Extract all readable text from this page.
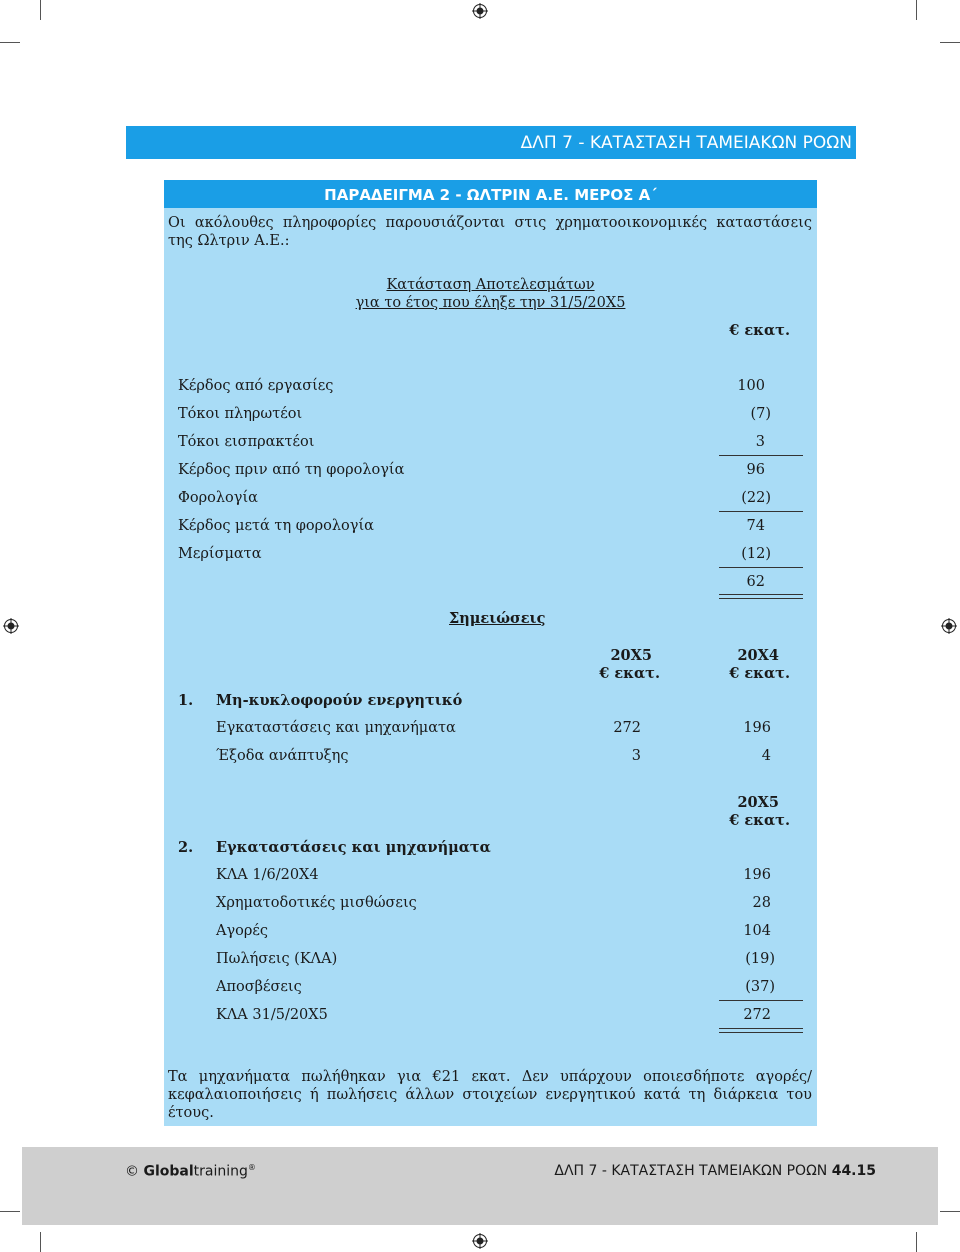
ΔΛΠ 7 - ΚΑΤΑΣΤΑΣΗ ΤΑΜΕΙΑΚΩΝ ΡΟΩΝ
ΠΑΡΑΔΕΙΓΜΑ 2 - ΩΛΤΡΙΝ Α.Ε. ΜΕΡΟΣ Α΄
Οι ακόλουθες πληροφορίες παρουσιάζονται στις χρηματοοικονομικές καταστάσεις της Ωλτριν Α.Ε.:
Κατάσταση Αποτελεσμάτων
για το έτος που έληξε την 31/5/20Χ5
€ εκατ.
Κέρδος από εργασίες	100
Τόκοι πληρωτέοι	(7)
Τόκοι εισπρακτέοι	3
Κέρδος πριν από τη φορολογία	96
Φορολογία	(22)
Κέρδος μετά τη φορολογία	74
Μερίσματα	(12)
62
Σημειώσεις
20Χ5
€ εκατ.
20Χ4
€ εκατ.
1. Μη-κυκλοφορούν ενεργητικό
Εγκαταστάσεις και μηχανήματα	272	196
Έξοδα ανάπτυξης	3	4
20Χ5
€ εκατ.
2. Εγκαταστάσεις και μηχανήματα
ΚΛΑ 1/6/20Χ4	196
Χρηματοδοτικές μισθώσεις	28
Αγορές	104
Πωλήσεις (ΚΛΑ)	(19)
Αποσβέσεις	(37)
ΚΛΑ 31/5/20Χ5	272
Τα μηχανήματα πωλήθηκαν για €21 εκατ. Δεν υπάρχουν οποιεσδήποτε αγορές/κεφαλαιοποιήσεις ή πωλήσεις άλλων στοιχείων ενεργητικού κατά τη διάρκεια του έτους.
© Globaltraining®	ΔΛΠ 7 - ΚΑΤΑΣΤΑΣΗ ΤΑΜΕΙΑΚΩΝ ΡΟΩΝ 44.15
